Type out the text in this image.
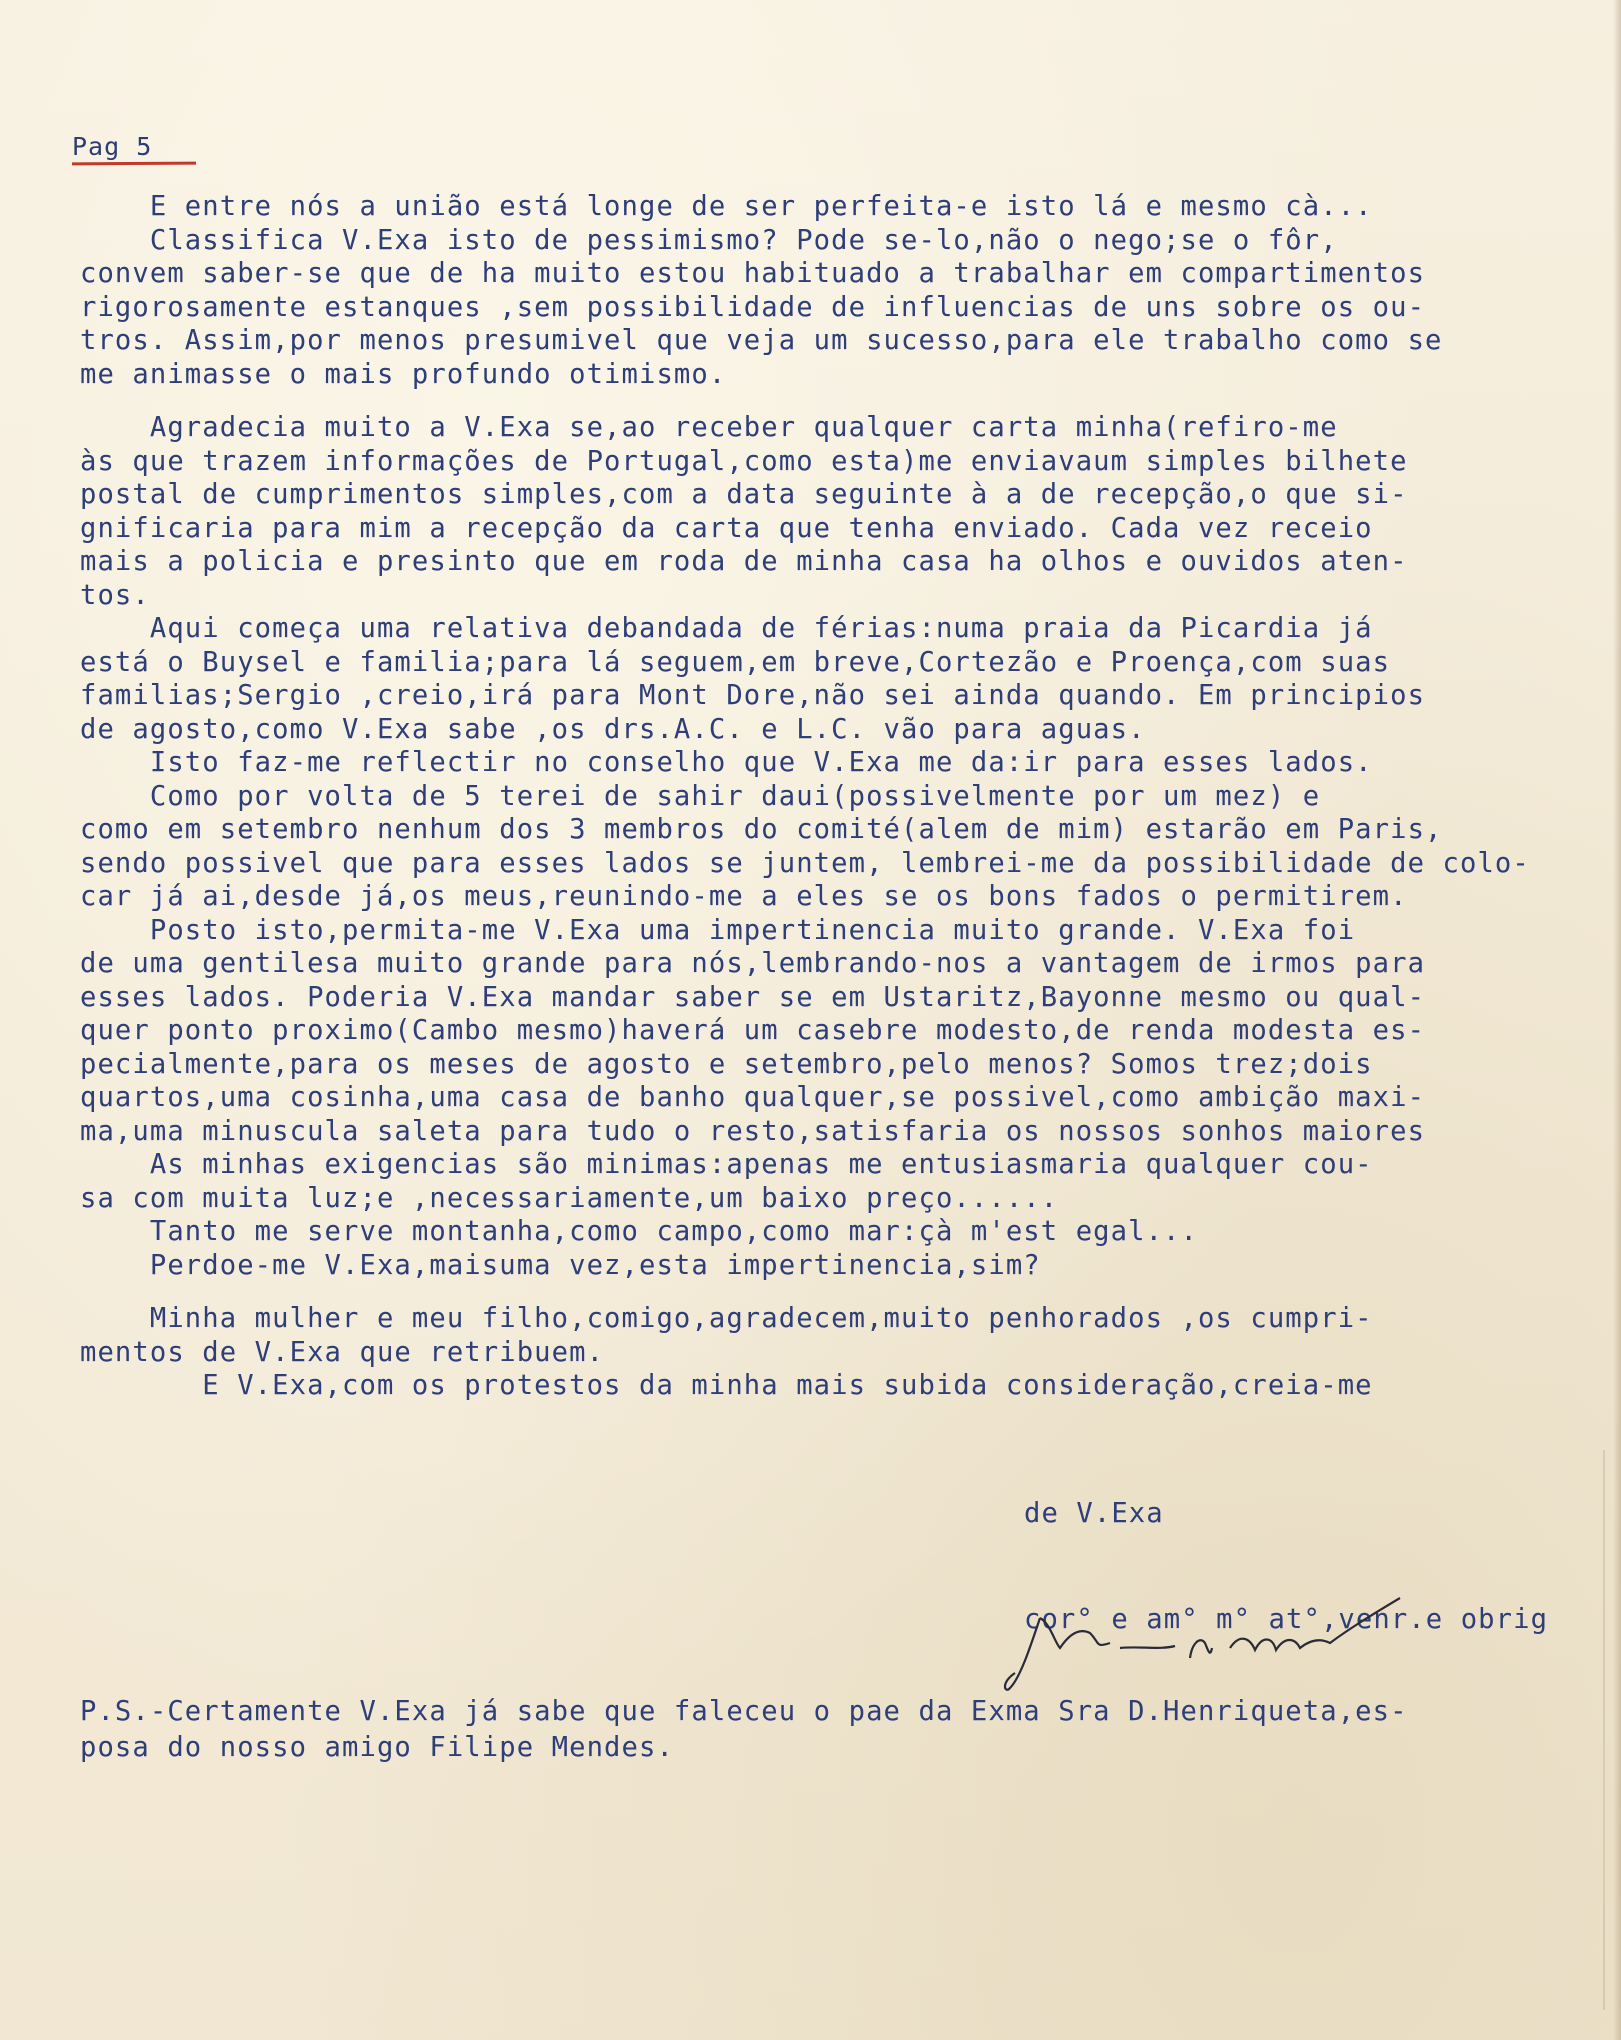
Pag 5
E entre nós a união está longe de ser perfeita-e isto lá e mesmo cà...
Classifica V.Exa isto de pessimismo? Pode se-lo,não o nego;se o fôr,
convem saber-se que de ha muito estou habituado a trabalhar em compartimentos
rigorosamente estanques ,sem possibilidade de influencias de uns sobre os ou-
tros. Assim,por menos presumivel que veja um sucesso,para ele trabalho como se
me animasse o mais profundo otimismo.
Agradecia muito a V.Exa se,ao receber qualquer carta minha(refiro-me
às que trazem informações de Portugal,como esta)me enviavaum simples bilhete
postal de cumprimentos simples,com a data seguinte à a de recepção,o que si-
gnificaria para mim a recepção da carta que tenha enviado. Cada vez receio
mais a policia e presinto que em roda de minha casa ha olhos e ouvidos aten-
tos.
Aqui começa uma relativa debandada de férias:numa praia da Picardia já
está o Buysel e familia;para lá seguem,em breve,Cortezão e Proença,com suas
familias;Sergio ,creio,irá para Mont Dore,não sei ainda quando. Em principios
de agosto,como V.Exa sabe ,os drs.A.C. e L.C. vão para aguas.
Isto faz-me reflectir no conselho que V.Exa me da:ir para esses lados.
Como por volta de 5 terei de sahir daui(possivelmente por um mez) e
como em setembro nenhum dos 3 membros do comité(alem de mim) estarão em Paris,
sendo possivel que para esses lados se juntem, lembrei-me da possibilidade de colo-
car já ai,desde já,os meus,reunindo-me a eles se os bons fados o permitirem.
Posto isto,permita-me V.Exa uma impertinencia muito grande. V.Exa foi
de uma gentilesa muito grande para nós,lembrando-nos a vantagem de irmos para
esses lados. Poderia V.Exa mandar saber se em Ustaritz,Bayonne mesmo ou qual-
quer ponto proximo(Cambo mesmo)haverá um casebre modesto,de renda modesta es-
pecialmente,para os meses de agosto e setembro,pelo menos? Somos trez;dois
quartos,uma cosinha,uma casa de banho qualquer,se possivel,como ambição maxi-
ma,uma minuscula saleta para tudo o resto,satisfaria os nossos sonhos maiores
As minhas exigencias são minimas:apenas me entusiasmaria qualquer cou-
sa com muita luz;e ,necessariamente,um baixo preço......
Tanto me serve montanha,como campo,como mar:çà m'est egal...
Perdoe-me V.Exa,maisuma vez,esta impertinencia,sim?
Minha mulher e meu filho,comigo,agradecem,muito penhorados ,os cumpri-
mentos de V.Exa que retribuem.
E V.Exa,com os protestos da minha mais subida consideração,creia-me

de V.Exa

cor° e am° m° at°,venr.e obrig

P.S.-Certamente V.Exa já sabe que faleceu o pae da Exma Sra D.Henriqueta,es-
posa do nosso amigo Filipe Mendes.
